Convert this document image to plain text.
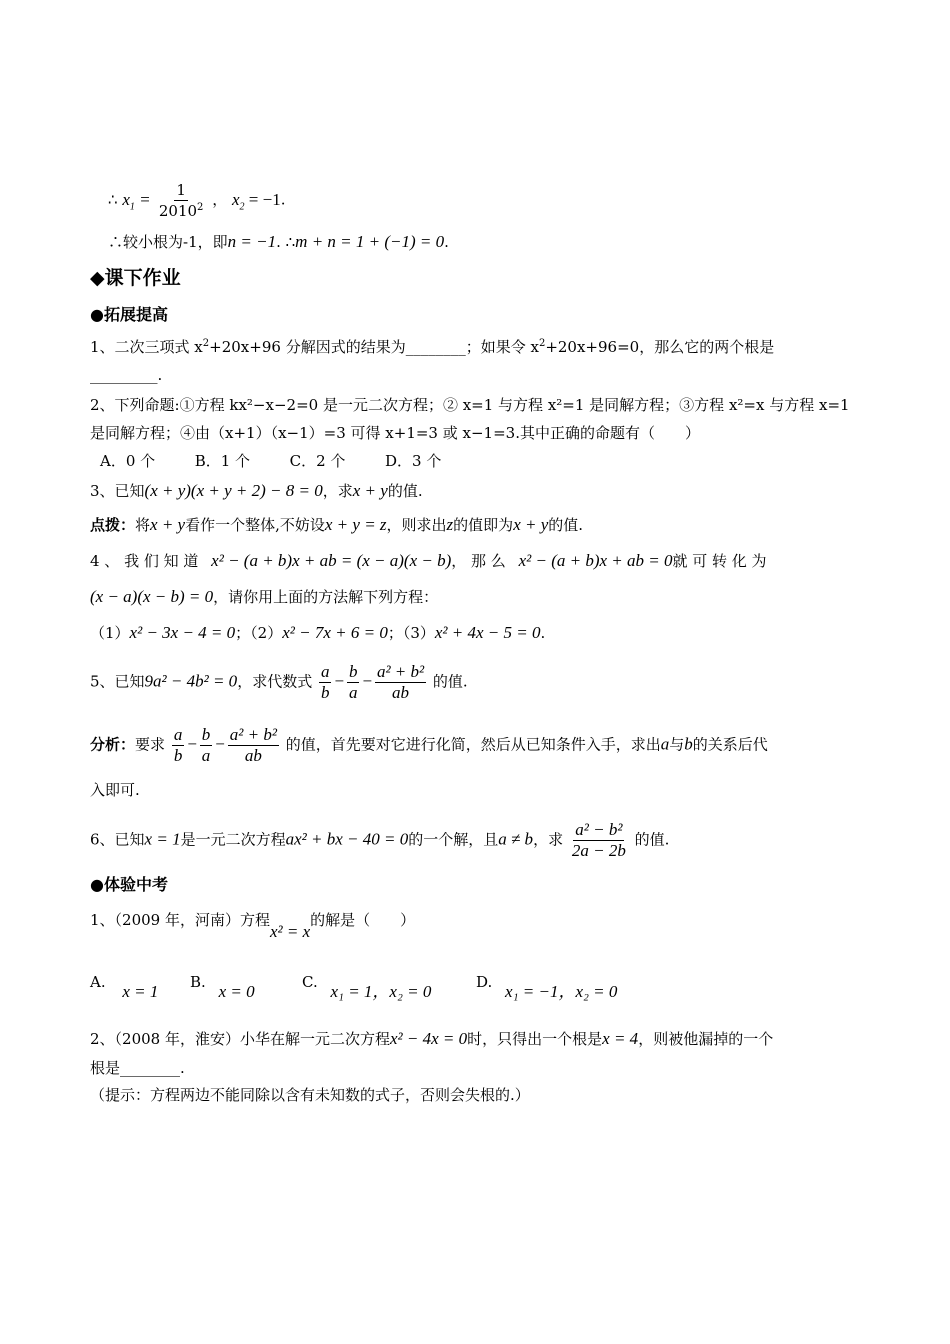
∴ $x_1 = \frac{1}{2010^2}$ ， $x_2 = -1$.
∴较小根为-1，即n = −1. ∴m + n = 1 + (−1) = 0.
◆课下作业
●拓展提高
1、二次三项式 $x^2+20x+96$ 分解因式的结果为________；如果令 $x^2+20x+96=0$，那么它的两个根是
_________.
2、下列命题:①方程 kx²−x−2=0 是一元二次方程；② x=1 与方程 x²=1 是同解方程；③方程 x²=x 与方程 x=1
是同解方程；④由（x+1）（x−1）=3 可得 x+1=3 或 x−1=3.其中正确的命题有（　　）
A．0 个	B．1 个	C．2 个	D．3 个
3、已知(x + y)(x + y + 2) − 8 = 0，求x + y的值.
点拨：将x + y看作一个整体,不妨设x + y = z，则求出z的值即为x + y的值.
4 、 我 们 知 道 x² − (a + b)x + ab = (x − a)(x − b)， 那 么 x² − (a + b)x + ab = 0就 可 转 化 为
(x − a)(x − b) = 0，请你用上面的方法解下列方程：
（1）x² − 3x − 4 = 0；（2）x² − 7x + 6 = 0；（3）x² + 4x − 5 = 0.
5、已知9a² − 4b² = 0，求代数式 $\frac{a}{b} - \frac{b}{a} - \frac{\text{a² + b²}}{ab}$ 的值.
分析：要求 $\frac{a}{b} - \frac{b}{a} - \frac{\text{a² + b²}}{ab}$ 的值，首先要对它进行化简，然后从已知条件入手，求出a与b的关系后代
入即可.
6、已知x = 1是一元二次方程ax² + bx − 40 = 0的一个解，且a ≠ b，求 $\frac{\text{a² − b²}}{2a - 2b}$ 的值.
●体验中考
1、（2009 年，河南）方程x² = x的解是（　　）
A. x = 1 B. x = 0	C. x₁ = 1，x₂ = 0	D. x₁ = −1，x₂ = 0
2、（2008 年，淮安）小华在解一元二次方程x² − 4x = 0时，只得出一个根是x = 4，则被他漏掉的一个
根是________.
（提示：方程两边不能同除以含有未知数的式子，否则会失根的.）
